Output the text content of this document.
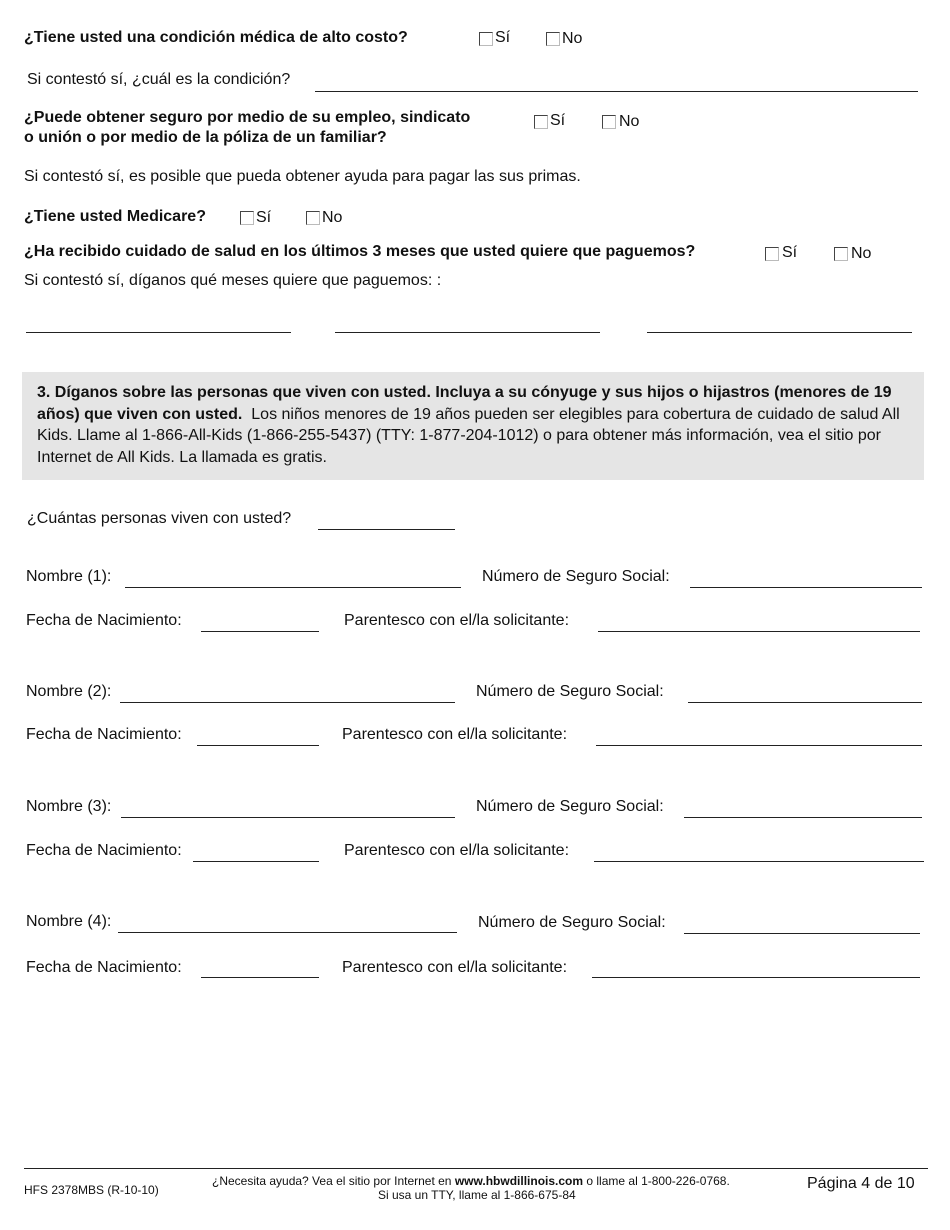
¿Tiene usted una condición médica de alto costo?	Sí	No
Si contestó sí, ¿cuál es la condición?
¿Puede obtener seguro por medio de su empleo, sindicato
o unión o por medio de la póliza de un familiar?
Sí	No
Si contestó sí, es posible que pueda obtener ayuda para pagar las sus primas.
¿Tiene usted Medicare?	Sí	No
¿Ha recibido cuidado de salud en los últimos 3 meses que usted quiere que paguemos?	Sí	No
Si contestó sí, díganos qué meses quiere que paguemos: :
3. Díganos sobre las personas que viven con usted. Incluya a su cónyuge y sus hijos o hijastros (menores de 19 años) que viven con usted. Los niños menores de 19 años pueden ser elegibles para cobertura de cuidado de salud All Kids. Llame al 1-866-All-Kids (1-866-255-5437) (TTY: 1-877-204-1012) o para obtener más información, vea el sitio por Internet de All Kids. La llamada es gratis.
¿Cuántas personas viven con usted?
Nombre (1):	Número de Seguro Social:
Fecha de Nacimiento:	Parentesco con el/la solicitante:
Nombre (2):	Número de Seguro Social:
Fecha de Nacimiento:	Parentesco con el/la solicitante:
Nombre (3):	Número de Seguro Social:
Fecha de Nacimiento:	Parentesco con el/la solicitante:
Nombre (4):	Número de Seguro Social:
Fecha de Nacimiento:	Parentesco con el/la solicitante:
HFS 2378MBS (R-10-10)
¿Necesita ayuda? Vea el sitio por Internet en www.hbwdillinois.com o llame al 1-800-226-0768.
Si usa un TTY, llame al 1-866-675-84
Página 4 de 10
